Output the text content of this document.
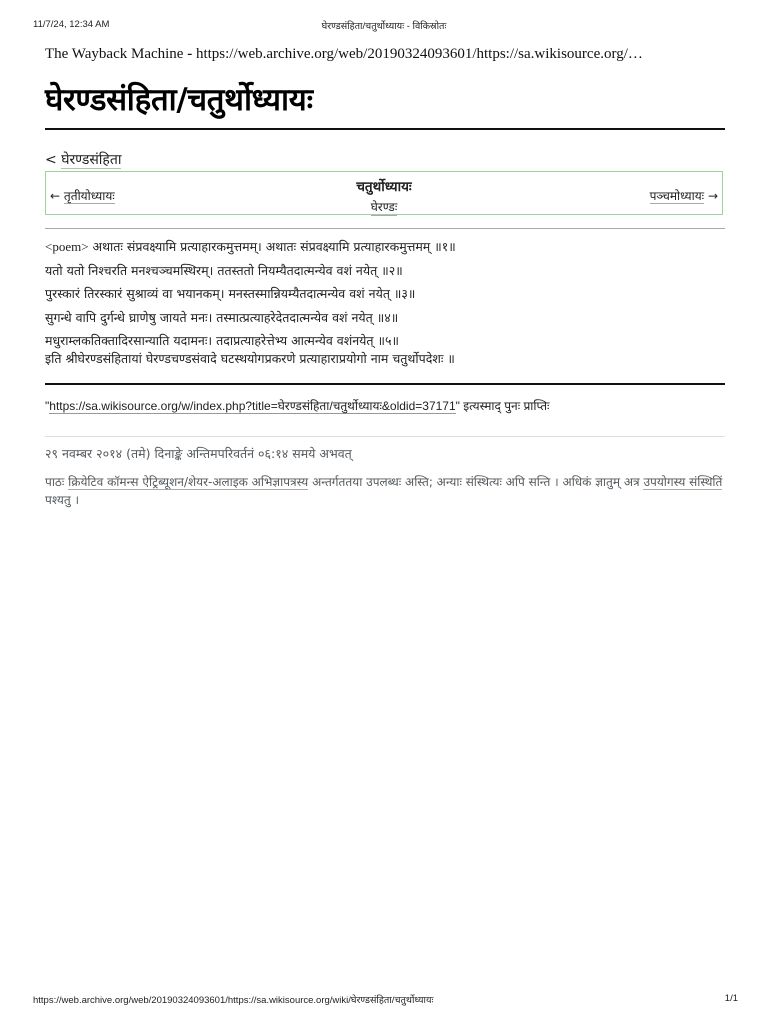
11/7/24, 12:34 AM	घेरण्डसंहिता/चतुर्थोध्यायः - विकिस्रोतः
The Wayback Machine - https://web.archive.org/web/20190324093601/https://sa.wikisource.org/…
घेरण्डसंहिता/चतुर्थोध्यायः
< घेरण्डसंहिता
← तृतीयोध्यायः
चतुर्थोध्यायः
घेरण्डः
पञ्चमोध्यायः →
<poem> अथातः संप्रवक्ष्यामि प्रत्याहारकमुत्तमम्। अथातः संप्रवक्ष्यामि प्रत्याहारकमुत्तमम् ॥१॥
यतो यतो निश्चरति मनश्चञ्चमस्थिरम्। ततस्ततो नियम्यैतदात्मन्येव वशं नयेत् ॥२॥
पुरस्कारं तिरस्कारं सुश्राव्यं वा भयानकम्। मनस्तस्मान्नियम्यैतदात्मन्येव वशं नयेत् ॥३॥
सुगन्धे वापि दुर्गन्धे घ्राणेषु जायते मनः। तस्मात्प्रत्याहरेदेतदात्मन्येव वशं नयेत् ॥४॥
मधुराम्लकतिक्तादिरसान्याति यदामनः। तदाप्रत्याहरेत्तेभ्य आत्मन्येव वशंनयेत् ॥५॥
इति श्रीघेरण्डसंहितायां घेरण्डचण्डसंवादे घटस्थयोगप्रकरणे प्रत्याहाराप्रयोगो नाम चतुर्थोपदेशः ॥
"https://sa.wikisource.org/w/index.php?title=घेरण्डसंहिता/चतुर्थोध्यायः&oldid=37171" इत्यस्माद् पुनः प्राप्तिः
२९ नवम्बर २०१४ (तमे) दिनाङ्के अन्तिमपरिवर्तनं ०६:१४ समये अभवत्
पाठः क्रियेटिव कॉमन्स ऐट्रिब्यूशन/शेयर-अलाइक अभिज्ञापत्रस्य अन्तर्गततया उपलब्धः अस्ति; अन्याः संस्थित्यः अपि सन्ति । अधिकं ज्ञातुम् अत्र उपयोगस्य संस्थितिं पश्यतु ।
https://web.archive.org/web/20190324093601/https://sa.wikisource.org/wiki/घेरण्डसंहिता/चतुर्थोध्यायः	1/1
